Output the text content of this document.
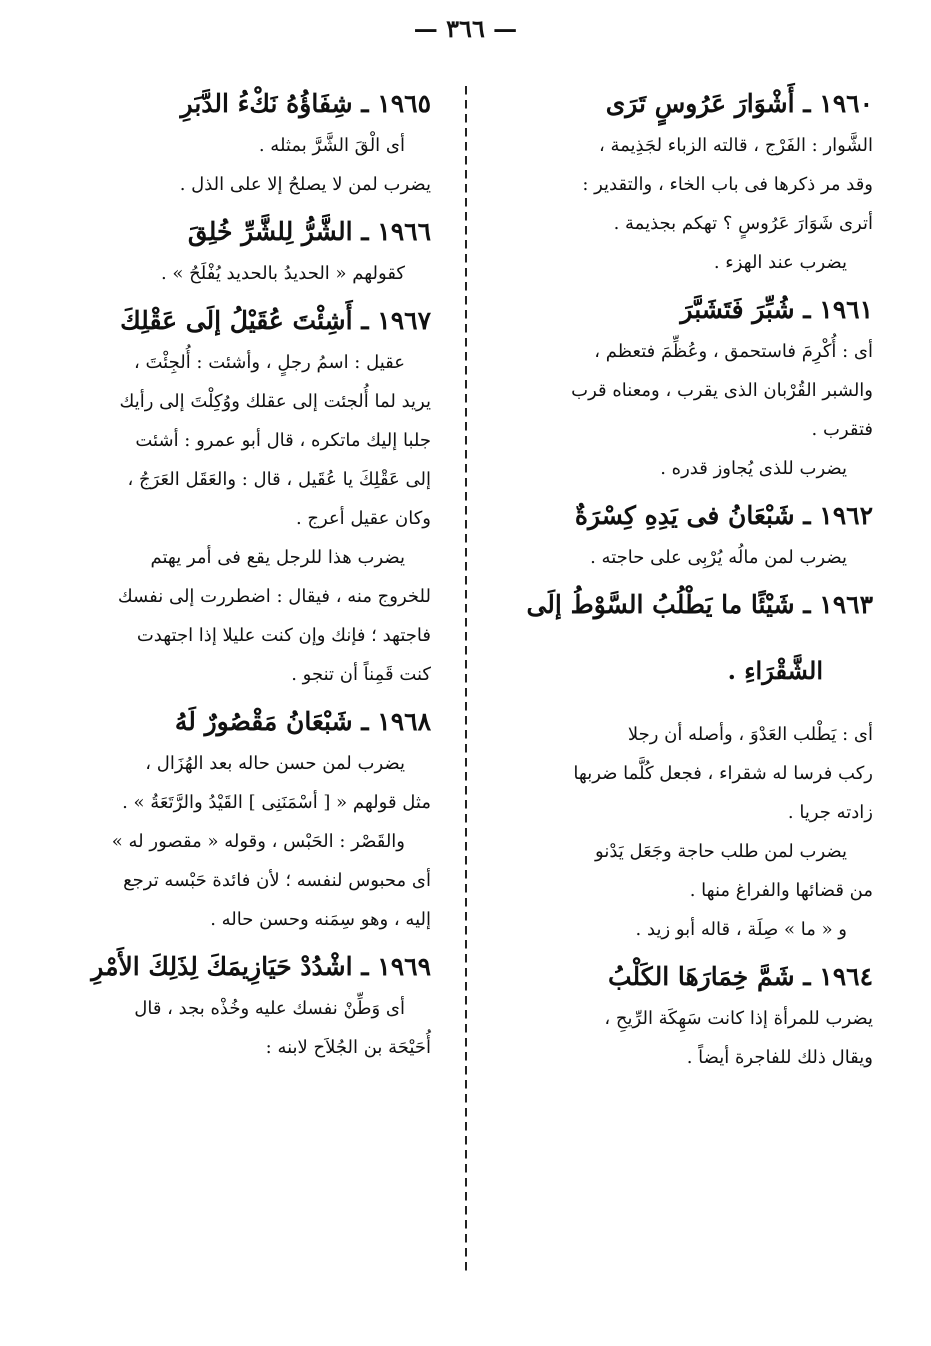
— ٣٦٦ —

١٩٦٠ ـ أَشْوَارَ عَرُوسٍ تَرَى

الشَّوار : الفَرْج ، قالته الزباء لجَذِيمة ،

وقد مر ذكرها فى باب الخاء ، والتقدير :

أترى شَوَارَ عَرُوسٍ ؟ تهكم بجذيمة .

يضرب عند الهزء .

١٩٦١ ـ شُبِّرَ فَتَشَبَّرَ

أى : أُكْرِمَ فاستحمق ، وعُظِّمَ فتعظم ،

والشبر القُرْبان الذى يقرب ، ومعناه قرب

فتقرب .

يضرب للذى يُجاوز قدره .

١٩٦٢ ـ شَبْعَانُ فى يَدِهِ كِسْرَةٌ

يضرب لمن مالُه يُرْبِى على حاجته .

١٩٦٣ ـ شَيْئًا ما يَطْلُبُ السَّوْطُ إلَى

الشَّقْرَاءِ .

أى : يَطْلب العَدْوَ ، وأصله أن رجلا

ركب فرسا له شقراء ، فجعل كُلَّما ضربها

زادته جريا .

يضرب لمن طلب حاجة وجَعَل يَدْنو

من قضائها والفراغ منها .

و « ما » صِلَة ، قاله أبو زيد .

١٩٦٤ ـ شَمَّ خِمَارَهَا الكَلْبُ

يضرب للمرأة إذا كانت سَهِكَة الرِّيحِ ،

ويقال ذلك للفاجرة أيضاً .

١٩٦٥ ـ شِفَاؤُهُ نَكْءُ الدَّبَرِ

أى الْقَ الشَّرَّ بمثله .

يضرب لمن لا يصلحُ إلا على الذل .

١٩٦٦ ـ الشَّرُّ لِلشَّرِّ خُلِقَ

كقولهم « الحديدُ بالحديد يُفْلَحُ » .

١٩٦٧ ـ أَشِئْتَ عُقَيْلُ إلَى عَقْلِكَ

عقيل : اسمُ رجلٍ ، وأشئت : أُلجِئْتَ ،

يريد لما أُلجئت إلى عقلك ووُكِلْتَ إلى رأيك

جلبا إليك ماتكره ، قال أبو عمرو : أشئت

إلى عَقْلِكَ يا عُقَيل ، قال : والعَقَل العَرَجُ ،

وكان عقيل أعرج .

يضرب هذا للرجل يقع فى أمر يهتم

للخروج منه ، فيقال : اضطررت إلى نفسك

فاجتهد ؛ فإنك وإن كنت عليلا إذا اجتهدت

كنت قَمِناً أن تنجو .

١٩٦٨ ـ شَبْعَانُ مَقْصُورٌ لَهُ

يضرب لمن حسن حاله بعد الهُزَال ،

مثل قولهم « [ أسْمَنَنِى ] القَيْدُ والرَّتَعَةُ » .

والقَصْر : الحَبْس ، وقوله « مقصور له »

أى محبوس لنفسه ؛ لأن فائدة حَبْسه ترجع

إليه ، وهو سِمَنه وحسن حاله .

١٩٦٩ ـ اشْدُدْ حَيَازِيمَكَ لِذَلِكَ الأَمْرِ

أى وَطِّنْ نفسك عليه وخُذْه بجد ، قال

أُحَيْحَة بن الجُلاَح لابنه :
